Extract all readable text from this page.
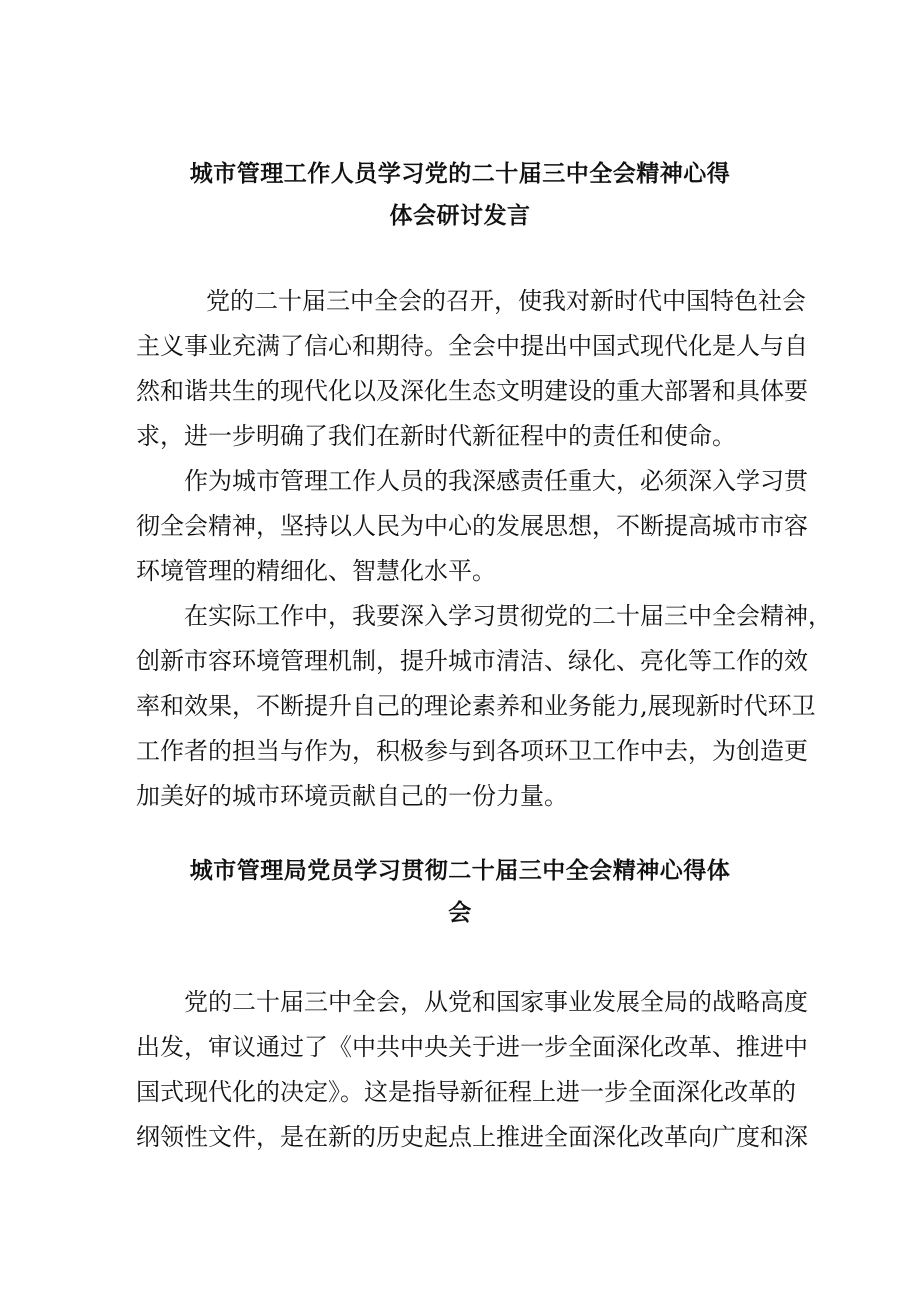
城市管理工作人员学习党的二十届三中全会精神心得
体会研讨发言
党的二十届三中全会的召开，使我对新时代中国特色社会
主义事业充满了信心和期待。全会中提出中国式现代化是人与自
然和谐共生的现代化以及深化生态文明建设的重大部署和具体要
求，进一步明确了我们在新时代新征程中的责任和使命。
作为城市管理工作人员的我深感责任重大，必须深入学习贯
彻全会精神，坚持以人民为中心的发展思想，不断提高城市市容
环境管理的精细化、智慧化水平。
在实际工作中，我要深入学习贯彻党的二十届三中全会精神，
创新市容环境管理机制，提升城市清洁、绿化、亮化等工作的效
率和效果，不断提升自己的理论素养和业务能力,展现新时代环卫
工作者的担当与作为，积极参与到各项环卫工作中去，为创造更
加美好的城市环境贡献自己的一份力量。
城市管理局党员学习贯彻二十届三中全会精神心得体
会
党的二十届三中全会，从党和国家事业发展全局的战略高度
出发，审议通过了《中共中央关于进一步全面深化改革、推进中
国式现代化的决定》。这是指导新征程上进一步全面深化改革的
纲领性文件，是在新的历史起点上推进全面深化改革向广度和深
